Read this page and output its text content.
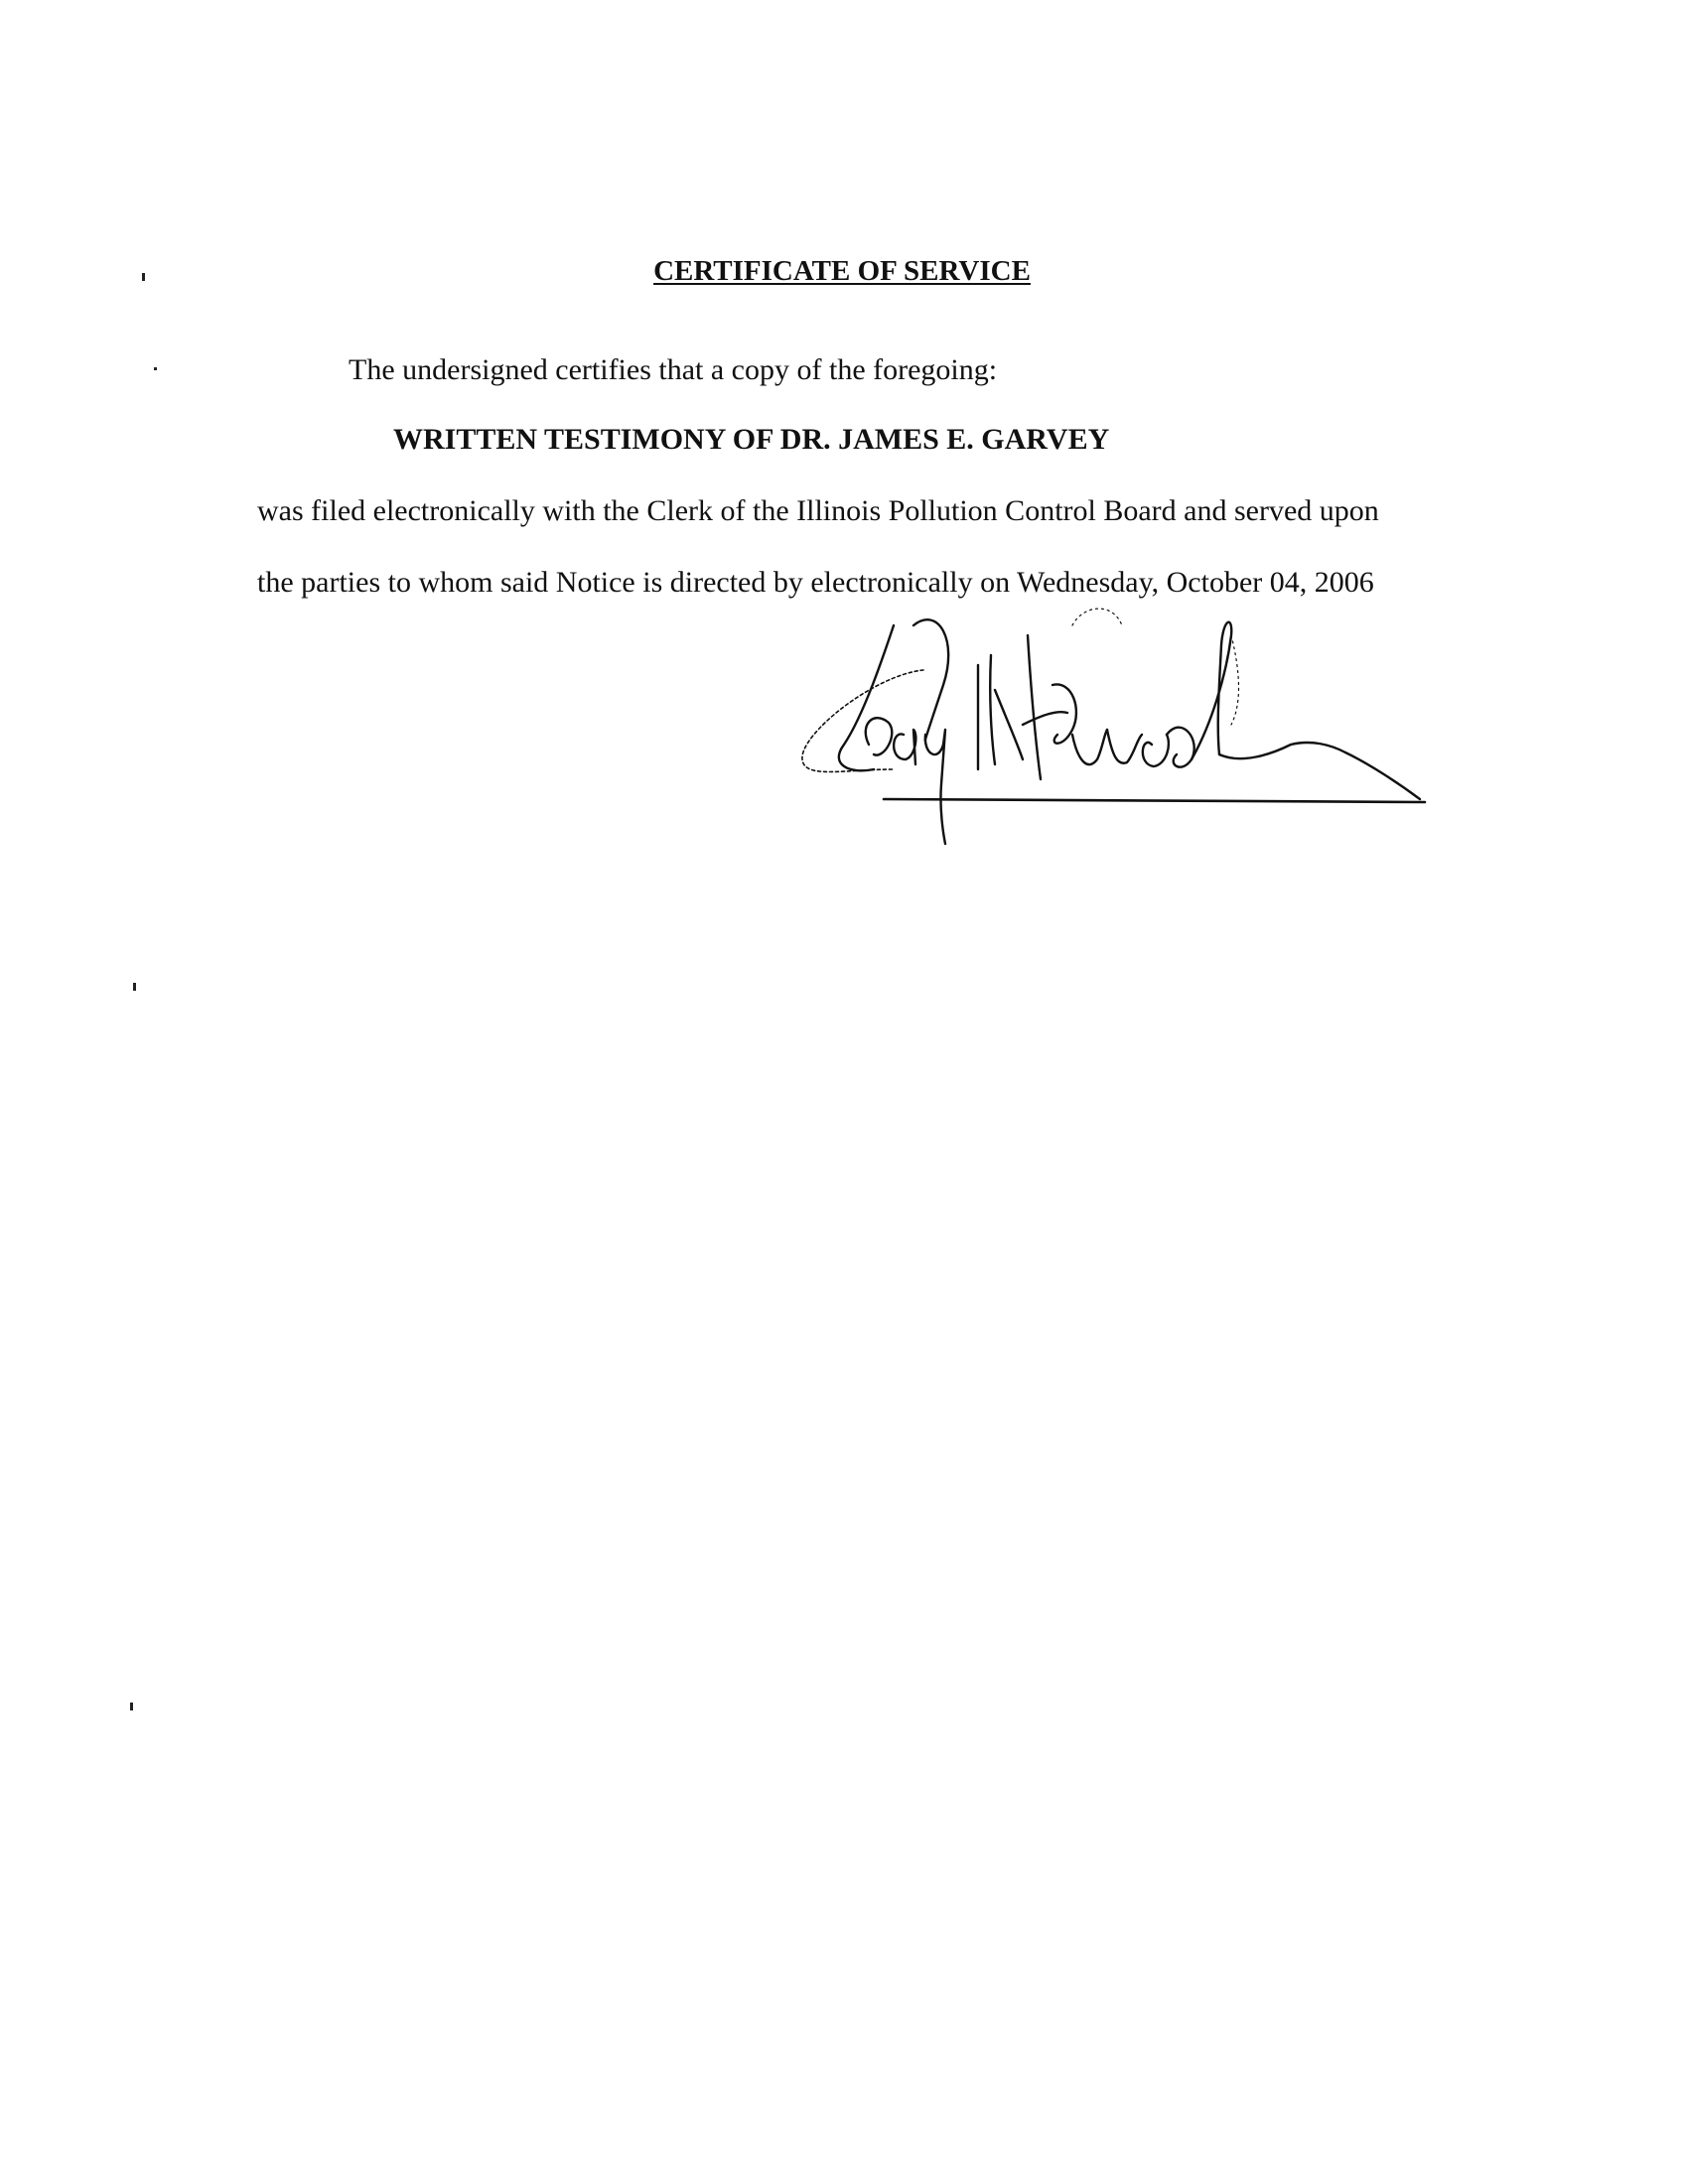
CERTIFICATE OF SERVICE
The undersigned certifies that a copy of the foregoing:
WRITTEN TESTIMONY OF DR. JAMES E. GARVEY
was filed electronically with the Clerk of the Illinois Pollution Control Board and served upon
the parties to whom said Notice is directed by electronically on Wednesday, October 04, 2006
